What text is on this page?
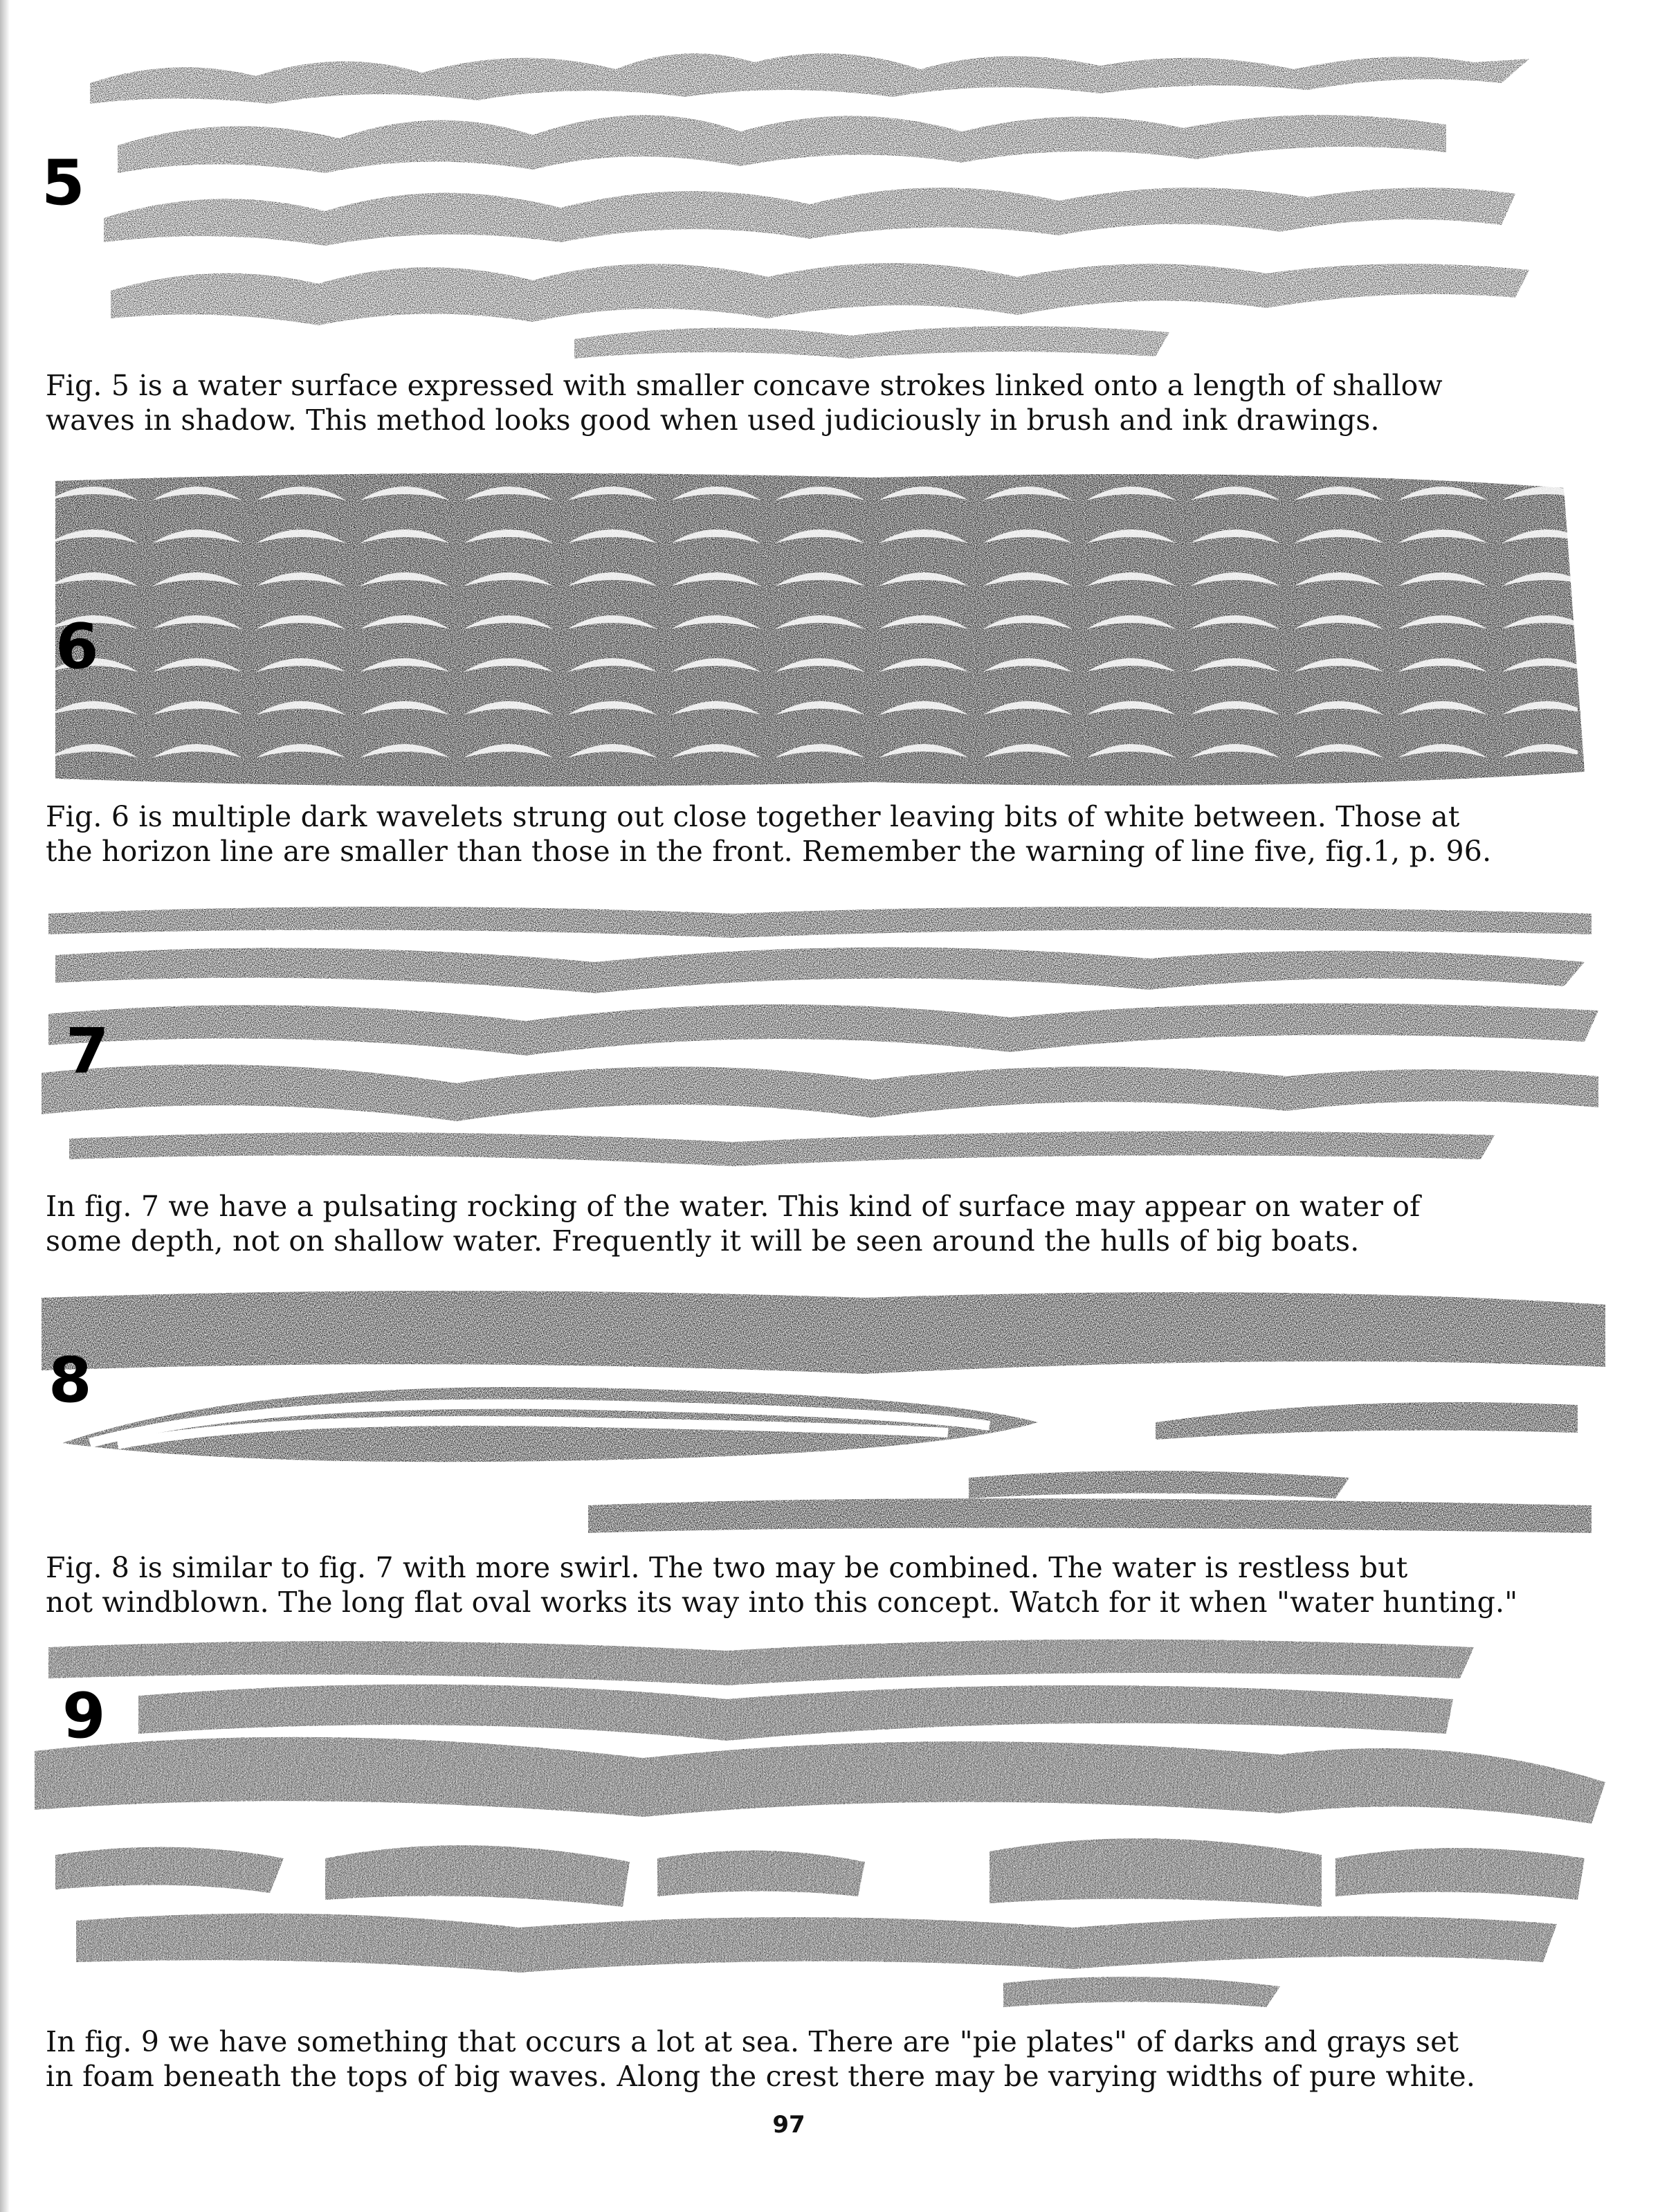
5

Fig. 5 is a water surface expressed with smaller concave strokes linked onto a length of shallow

waves in shadow. This method looks good when used judiciously in brush and ink drawings.

6

Fig. 6 is multiple dark wavelets strung out close together leaving bits of white between. Those at

the horizon line are smaller than those in the front. Remember the warning of line five, fig.1, p. 96.

7

In fig. 7 we have a pulsating rocking of the water. This kind of surface may appear on water of

some depth, not on shallow water. Frequently it will be seen around the hulls of big boats.

8

Fig. 8 is similar to fig. 7 with more swirl. The two may be combined. The water is restless but

not windblown. The long flat oval works its way into this concept. Watch for it when "water hunting."

9

In fig. 9 we have something that occurs a lot at sea. There are "pie plates" of darks and grays set

in foam beneath the tops of big waves. Along the crest there may be varying widths of pure white.

97
